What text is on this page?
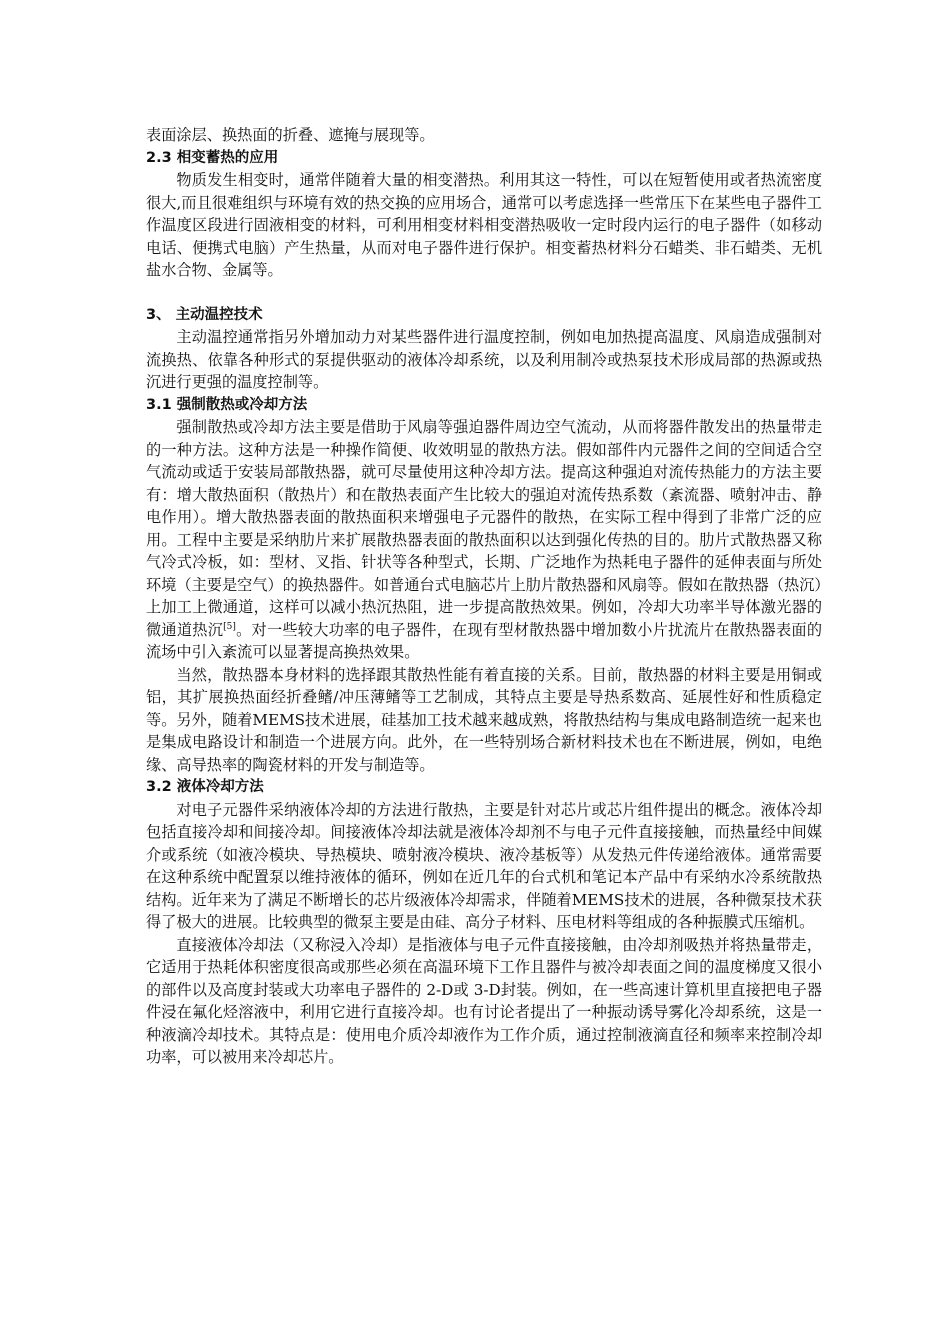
表面涂层、换热面的折叠、遮掩与展现等。

2.3 相变蓄热的应用

物质发生相变时，通常伴随着大量的相变潜热。利用其这一特性，可以在短暂使用或者热流密度很大,而且很难组织与环境有效的热交换的应用场合，通常可以考虑选择一些常压下在某些电子器件工作温度区段进行固液相变的材料，可利用相变材料相变潜热吸收一定时段内运行的电子器件（如移动电话、便携式电脑）产生热量，从而对电子器件进行保护。相变蓄热材料分石蜡类、非石蜡类、无机盐水合物、金属等。

3、 主动温控技术

主动温控通常指另外增加动力对某些器件进行温度控制，例如电加热提高温度、风扇造成强制对流换热、依靠各种形式的泵提供驱动的液体冷却系统，以及利用制冷或热泵技术形成局部的热源或热沉进行更强的温度控制等。

3.1 强制散热或冷却方法

强制散热或冷却方法主要是借助于风扇等强迫器件周边空气流动，从而将器件散发出的热量带走的一种方法。这种方法是一种操作简便、收效明显的散热方法。假如部件内元器件之间的空间适合空气流动或适于安装局部散热器，就可尽量使用这种冷却方法。提高这种强迫对流传热能力的方法主要有：增大散热面积（散热片）和在散热表面产生比较大的强迫对流传热系数（紊流器、喷射冲击、静电作用）。增大散热器表面的散热面积来增强电子元器件的散热，在实际工程中得到了非常广泛的应用。工程中主要是采纳肋片来扩展散热器表面的散热面积以达到强化传热的目的。肋片式散热器又称气冷式冷板，如：型材、叉指、针状等各种型式，长期、广泛地作为热耗电子器件的延伸表面与所处环境（主要是空气）的换热器件。如普通台式电脑芯片上肋片散热器和风扇等。假如在散热器（热沉）上加工上微通道，这样可以减小热沉热阻，进一步提高散热效果。例如，冷却大功率半导体激光器的微通道热沉[5]。对一些较大功率的电子器件，在现有型材散热器中增加数小片扰流片在散热器表面的流场中引入紊流可以显著提高换热效果。

当然，散热器本身材料的选择跟其散热性能有着直接的关系。目前，散热器的材料主要是用铜或铝，其扩展换热面经折叠鳍/冲压薄鳍等工艺制成，其特点主要是导热系数高、延展性好和性质稳定等。另外，随着MEMS技术进展，硅基加工技术越来越成熟，将散热结构与集成电路制造统一起来也是集成电路设计和制造一个进展方向。此外，在一些特别场合新材料技术也在不断进展，例如，电绝缘、高导热率的陶瓷材料的开发与制造等。

3.2 液体冷却方法

对电子元器件采纳液体冷却的方法进行散热，主要是针对芯片或芯片组件提出的概念。液体冷却包括直接冷却和间接冷却。间接液体冷却法就是液体冷却剂不与电子元件直接接触，而热量经中间媒介或系统（如液冷模块、导热模块、喷射液冷模块、液冷基板等）从发热元件传递给液体。通常需要在这种系统中配置泵以维持液体的循环，例如在近几年的台式机和笔记本产品中有采纳水冷系统散热结构。近年来为了满足不断增长的芯片级液体冷却需求，伴随着MEMS技术的进展，各种微泵技术获得了极大的进展。比较典型的微泵主要是由硅、高分子材料、压电材料等组成的各种振膜式压缩机。

直接液体冷却法（又称浸入冷却）是指液体与电子元件直接接触，由冷却剂吸热并将热量带走，它适用于热耗体积密度很高或那些必须在高温环境下工作且器件与被冷却表面之间的温度梯度又很小的部件以及高度封装或大功率电子器件的 2-D或 3-D封装。例如，在一些高速计算机里直接把电子器件浸在氟化烃溶液中，利用它进行直接冷却。也有讨论者提出了一种振动诱导雾化冷却系统，这是一种液滴冷却技术。其特点是：使用电介质冷却液作为工作介质，通过控制液滴直径和频率来控制冷却功率，可以被用来冷却芯片。
